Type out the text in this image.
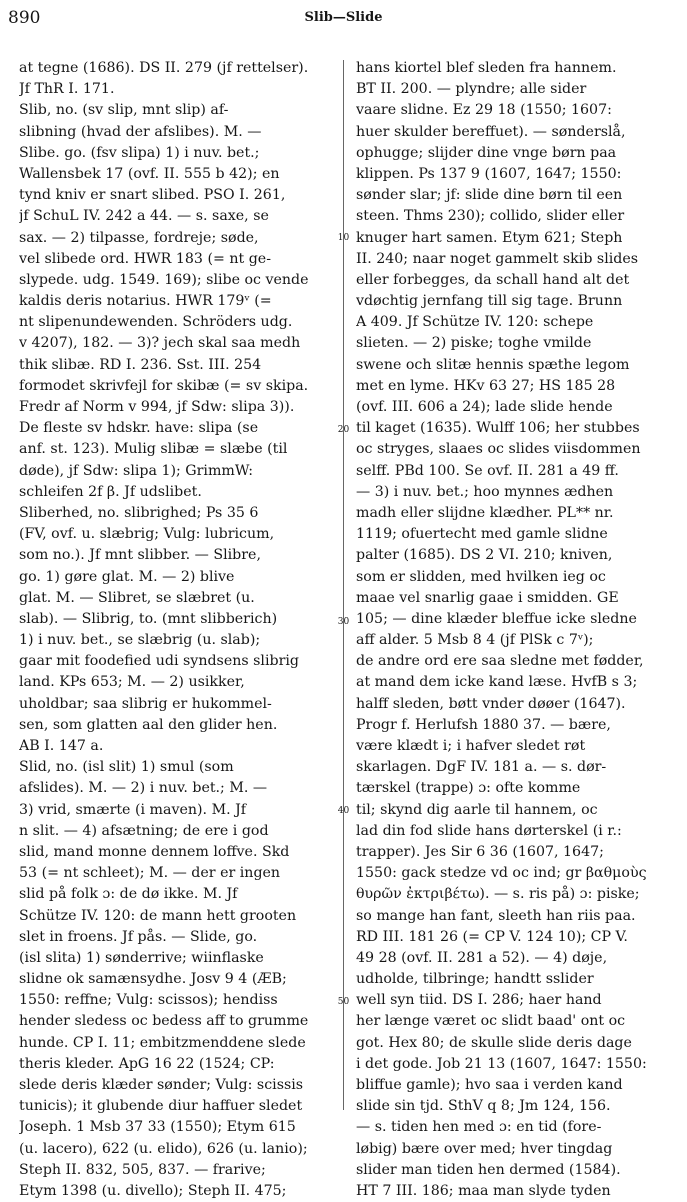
890	Slib—Slide
at tegne (1686). DS II. 279 (jf rettelser).
Jf ThR I. 171.
Slib, no. (sv slip, mnt slip) af-
slibning (hvad der afslibes). M. —
Slibe. go. (fsv slipa) 1) i nuv. bet.;
Wallensbek 17 (ovf. II. 555 b 42); en
tynd kniv er snart slibed. PSO I. 261,
jf SchuL IV. 242 a 44. — s. saxe, se
sax. — 2) tilpasse, fordreje; søde,
vel slibede ord. HWR 183 (= nt ge-
slypede. udg. 1549. 169); slibe oc vende
kaldis deris notarius. HWR 179ᵛ (=
nt slipenundewenden. Schröders udg.
v 4207), 182. — 3)? jech skal saa medh
thik slibæ. RD I. 236. Sst. III. 254
formodet skrivfejl for skibæ (= sv skipa.
Fredr af Norm v 994, jf Sdw: slipa 3)).
De fleste sv hdskr. have: slipa (se
anf. st. 123). Mulig slibæ = slæbe (til
døde), jf Sdw: slipa 1); GrimmW:
schleifen 2f β. Jf udslibet.
Sliberhed, no. slibrighed; Ps 35 6
(FV, ovf. u. slæbrig; Vulg: lubricum,
som no.). Jf mnt slibber. — Slibre,
go. 1) gøre glat. M. — 2) blive
glat. M. — Slibret, se slæbret (u.
slab). — Slibrig, to. (mnt slibberich)
1) i nuv. bet., se slæbrig (u. slab);
gaar mit foodefied udi syndsens slibrig
land. KPs 653; M. — 2) usikker,
uholdbar; saa slibrig er hukommel-
sen, som glatten aal den glider hen.
AB I. 147 a.
Slid, no. (isl slit) 1) smul (som
afslides). M. — 2) i nuv. bet.; M. —
3) vrid, smærte (i maven). M. Jf
n slit. — 4) afsætning; de ere i god
slid, mand monne dennem loffve. Skd
53 (= nt schleet); M. — der er ingen
slid på folk ɔ: de dø ikke. M. Jf
Schütze IV. 120: de mann hett grooten
slet in froens. Jf pås. — Slide, go.
(isl slita) 1) sønderrive; wiinflaske
slidne ok samænsydhe. Josv 9 4 (ÆB;
1550: reffne; Vulg: scissos); hendiss
hender sledess oc bedess aff to grumme
hunde. CP I. 11; embitzmenddene slede
theris kleder. ApG 16 22 (1524; CP:
slede deris klæder sønder; Vulg: scissis
tunicis); it glubende diur haffuer sledet
Joseph. 1 Msb 37 33 (1550); Etym 615
(u. lacero), 622 (u. elido), 626 (u. lanio);
Steph II. 832, 505, 837. — frarive;
Etym 1398 (u. divello); Steph II. 475;
hans kiortel blef sleden fra hannem.
BT II. 200. — plyndre; alle sider
vaare slidne. Ez 29 18 (1550; 1607:
huer skulder bereffuet). — sønderslå,
ophugge; slijder dine vnge børn paa
klippen. Ps 137 9 (1607, 1647; 1550:
sønder slar; jf: slide dine børn til een
steen. Thms 230); collido, slider eller
knuger hart samen. Etym 621; Steph
II. 240; naar noget gammelt skib slides
eller forbegges, da schall hand alt det
vdøchtig jernfang till sig tage. Brunn
A 409. Jf Schütze IV. 120: schepe
slieten. — 2) piske; toghe vmilde
swene och slitæ hennis spæthe legom
met en lyme. HKv 63 27; HS 185 28
(ovf. III. 606 a 24); lade slide hende
til kaget (1635). Wulff 106; her stubbes
oc stryges, slaaes oc slides viisdommen
selff. PBd 100. Se ovf. II. 281 a 49 ff.
— 3) i nuv. bet.; hoo mynnes ædhen
madh eller slijdne klædher. PL** nr.
1119; ofuertecht med gamle slidne
palter (1685). DS 2 VI. 210; kniven,
som er slidden, med hvilken ieg oc
maae vel snarlig gaae i smidden. GE
105; — dine klæder bleffue icke sledne
aff alder. 5 Msb 8 4 (jf PlSk c 7ᵛ);
de andre ord ere saa sledne met fødder,
at mand dem icke kand læse. HvfB s 3;
halff sleden, bøtt vnder døøer (1647).
Progr f. Herlufsh 1880 37. — bære,
være klædt i; i hafver sledet røt
skarlagen. DgF IV. 181 a. — s. dør-
tærskel (trappe) ɔ: ofte komme
til; skynd dig aarle til hannem, oc
lad din fod slide hans dørterskel (i r.:
trapper). Jes Sir 6 36 (1607, 1647;
1550: gack stedze vd oc ind; gr βαθμοὺς
θυρῶν ἐκτριβέτω). — s. ris på) ɔ: piske;
so mange han fant, sleeth han riis paa.
RD III. 181 26 (= CP V. 124 10); CP V.
49 28 (ovf. II. 281 a 52). — 4) døje,
udholde, tilbringe; handtt sslider
well syn tiid. DS I. 286; haer hand
her længe været oc slidt baad' ont oc
got. Hex 80; de skulle slide deris dage
i det gode. Job 21 13 (1607, 1647: 1550:
bliffue gamle); hvo saa i verden kand
slide sin tjd. SthV q 8; Jm 124, 156.
— s. tiden hen med ɔ: en tid (fore-
løbig) bære over med; hver tingdag
slider man tiden hen dermed (1584).
HT 7 III. 186; maa man slyde tyden
10
20
30
40
50
